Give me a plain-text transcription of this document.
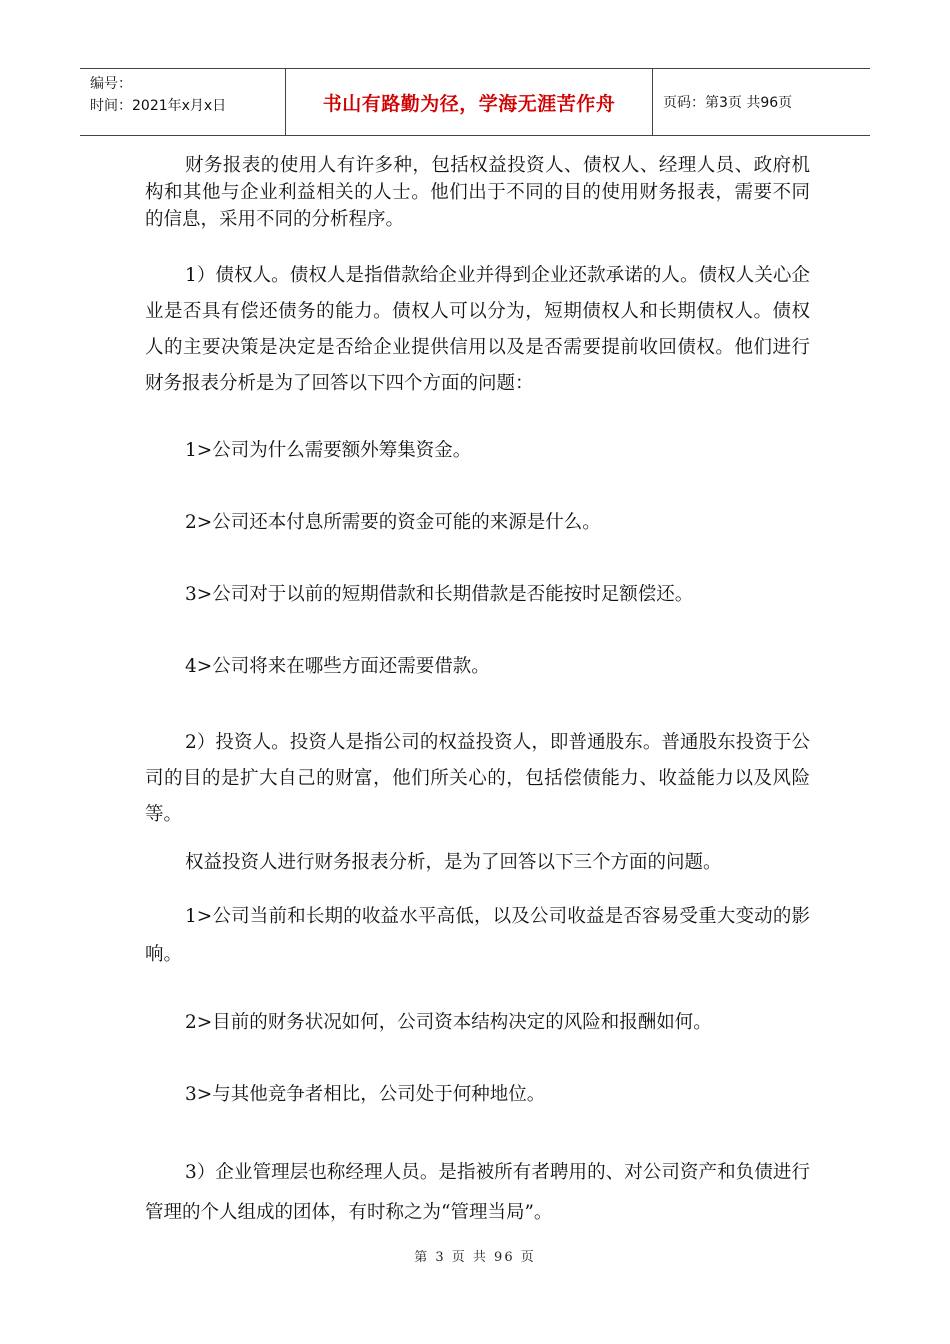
编号：
时间：2021年x月x日	书山有路勤为径，学海无涯苦作舟	页码：第3页 共96页

财务报表的使用人有许多种，包括权益投资人、债权人、经理人员、政府机构和其他与企业利益相关的人士。他们出于不同的目的使用财务报表，需要不同的信息，采用不同的分析程序。

1）债权人。债权人是指借款给企业并得到企业还款承诺的人。债权人关心企业是否具有偿还债务的能力。债权人可以分为，短期债权人和长期债权人。债权人的主要决策是决定是否给企业提供信用以及是否需要提前收回债权。他们进行财务报表分析是为了回答以下四个方面的问题：

1>公司为什么需要额外筹集资金。

2>公司还本付息所需要的资金可能的来源是什么。

3>公司对于以前的短期借款和长期借款是否能按时足额偿还。

4>公司将来在哪些方面还需要借款。

2）投资人。投资人是指公司的权益投资人，即普通股东。普通股东投资于公司的目的是扩大自己的财富，他们所关心的，包括偿债能力、收益能力以及风险等。

权益投资人进行财务报表分析，是为了回答以下三个方面的问题。

1>公司当前和长期的收益水平高低，以及公司收益是否容易受重大变动的影响。

2>目前的财务状况如何，公司资本结构决定的风险和报酬如何。

3>与其他竞争者相比，公司处于何种地位。

3）企业管理层也称经理人员。是指被所有者聘用的、对公司资产和负债进行管理的个人组成的团体，有时称之为“管理当局”。

第 3 页 共 96 页
